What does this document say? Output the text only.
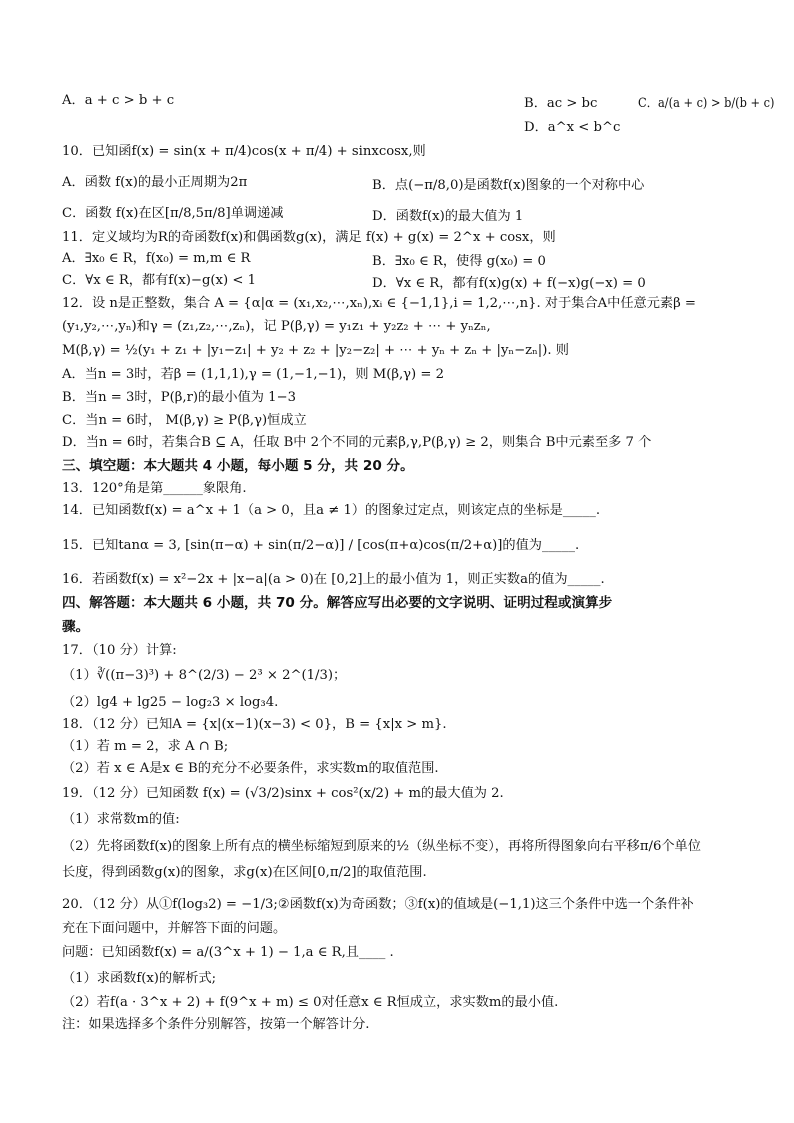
A．a + c > b + c	B．ac > bc	C．a/(a + c) > b/(b + c)
D．a^x < b^c
10．已知函f(x) = sin(x + π/4)cos(x + π/4) + sinxcosx,则
A．函数 f(x)的最小正周期为2π	B．点(−π/8,0)是函数f(x)图象的一个对称中心
C．函数 f(x)在区[π/8,5π/8]单调递减	D．函数f(x)的最大值为 1
11．定义域均为R的奇函数f(x)和偶函数g(x)，满足 f(x) + g(x) = 2^x + cosx，则
A．∃x₀ ∈ R，f(x₀) = m,m ∈ R	B．∃x₀ ∈ R，使得 g(x₀) = 0
C．∀x ∈ R，都有f(x)−g(x) < 1	D．∀x ∈ R，都有f(x)g(x) + f(−x)g(−x) = 0
12．设 n是正整数，集合 A = {α|α = (x₁,x₂,⋯,xₙ),xᵢ ∈ {−1,1},i = 1,2,⋯,n}. 对于集合A中任意元素β =
(y₁,y₂,⋯,yₙ)和γ = (z₁,z₂,⋯,zₙ)，记 P(β,γ) = y₁z₁ + y₂z₂ + ⋯ + yₙzₙ,
M(β,γ) = ½(y₁ + z₁ + |y₁−z₁| + y₂ + z₂ + |y₂−z₂| + ⋯ + yₙ + zₙ + |yₙ−zₙ|). 则
A．当n = 3时，若β = (1,1,1),γ = (1,−1,−1)，则 M(β,γ) = 2
B．当n = 3时，P(β,r)的最小值为 1−3
C．当n = 6时， M(β,γ) ≥ P(β,γ)恒成立
D．当n = 6时，若集合B ⊆ A，任取 B中 2个不同的元素β,γ,P(β,γ) ≥ 2，则集合 B中元素至多 7 个
三、填空题：本大题共 4 小题，每小题 5 分，共 20 分。
13．120°角是第______象限角.
14．已知函数f(x) = a^x + 1（a > 0，且a ≠ 1）的图象过定点，则该定点的坐标是_____.
15．已知tanα = 3, [sin(π−α) + sin(π/2−α)] / [cos(π+α)cos(π/2+α)]的值为_____.
16．若函数f(x) = x²−2x + |x−a|(a > 0)在 [0,2]上的最小值为 1，则正实数a的值为_____.
四、解答题：本大题共 6 小题，共 70 分。解答应写出必要的文字说明、证明过程或演算步
骤。
17．（10 分）计算:
（1）∛((π−3)³) + 8^(2/3) − 2³ × 2^(1/3)；
（2）lg4 + lg25 − log₂3 × log₃4.
18．（12 分）已知A = {x|(x−1)(x−3) < 0}，B = {x|x > m}.
（1）若 m = 2，求 A ∩ B;
（2）若 x ∈ A是x ∈ B的充分不必要条件，求实数m的取值范围.
19．（12 分）已知函数 f(x) = (√3/2)sinx + cos²(x/2) + m的最大值为 2.
（1）求常数m的值:
（2）先将函数f(x)的图象上所有点的横坐标缩短到原来的½（纵坐标不变），再将所得图象向右平移π/6个单位
长度，得到函数g(x)的图象，求g(x)在区间[0,π/2]的取值范围.
20．（12 分）从①f(log₃2) = −1/3;②函数f(x)为奇函数；③f(x)的值域是(−1,1)这三个条件中选一个条件补
充在下面问题中，并解答下面的问题。
问题：已知函数f(x) = a/(3^x + 1) − 1,a ∈ R,且____ .
（1）求函数f(x)的解析式;
（2）若f(a · 3^x + 2) + f(9^x + m) ≤ 0对任意x ∈ R恒成立，求实数m的最小值.
注：如果选择多个条件分别解答，按第一个解答计分.
